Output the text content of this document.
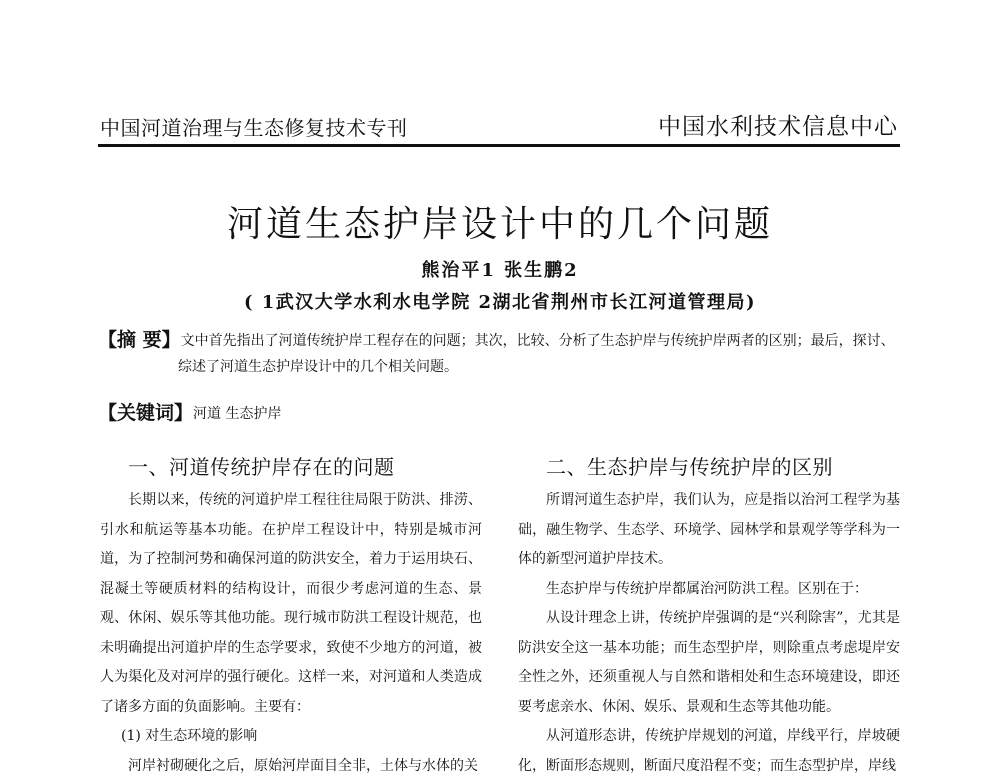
中国河道治理与生态修复技术专刊	中国水利技术信息中心
河道生态护岸设计中的几个问题
熊治平1 张生鹏2
( 1武汉大学水利水电学院 2湖北省荆州市长江河道管理局)
【摘 要】文中首先指出了河道传统护岸工程存在的问题；其次，比较、分析了生态护岸与传统护岸两者的区别；最后，探讨、
综述了河道生态护岸设计中的几个相关问题。
【关键词】河道 生态护岸
一、河道传统护岸存在的问题

长期以来，传统的河道护岸工程往往局限于防洪、排涝、引水和航运等基本功能。在护岸工程设计中，特别是城市河道，为了控制河势和确保河道的防洪安全，着力于运用块石、混凝土等硬质材料的结构设计，而很少考虑河道的生态、景观、休闲、娱乐等其他功能。现行城市防洪工程设计规范，也未明确提出河道护岸的生态学要求，致使不少地方的河道，被人为渠化及对河岸的强行硬化。这样一来，对河道和人类造成了诸多方面的负面影响。主要有：

(1) 对生态环境的影响

河岸衬砌硬化之后，原始河岸面目全非，土体与水体的关

二、生态护岸与传统护岸的区别

所谓河道生态护岸，我们认为，应是指以治河工程学为基础，融生物学、生态学、环境学、园林学和景观学等学科为一体的新型河道护岸技术。

生态护岸与传统护岸都属治河防洪工程。区别在于：

从设计理念上讲，传统护岸强调的是“兴利除害”，尤其是防洪安全这一基本功能；而生态型护岸，则除重点考虑堤岸安全性之外，还须重视人与自然和谐相处和生态环境建设，即还要考虑亲水、休闲、娱乐、景观和生态等其他功能。

从河道形态讲，传统护岸规划的河道，岸线平行，岸坡硬化，断面形态规则，断面尺度沿程不变；而生态型护岸，岸线
